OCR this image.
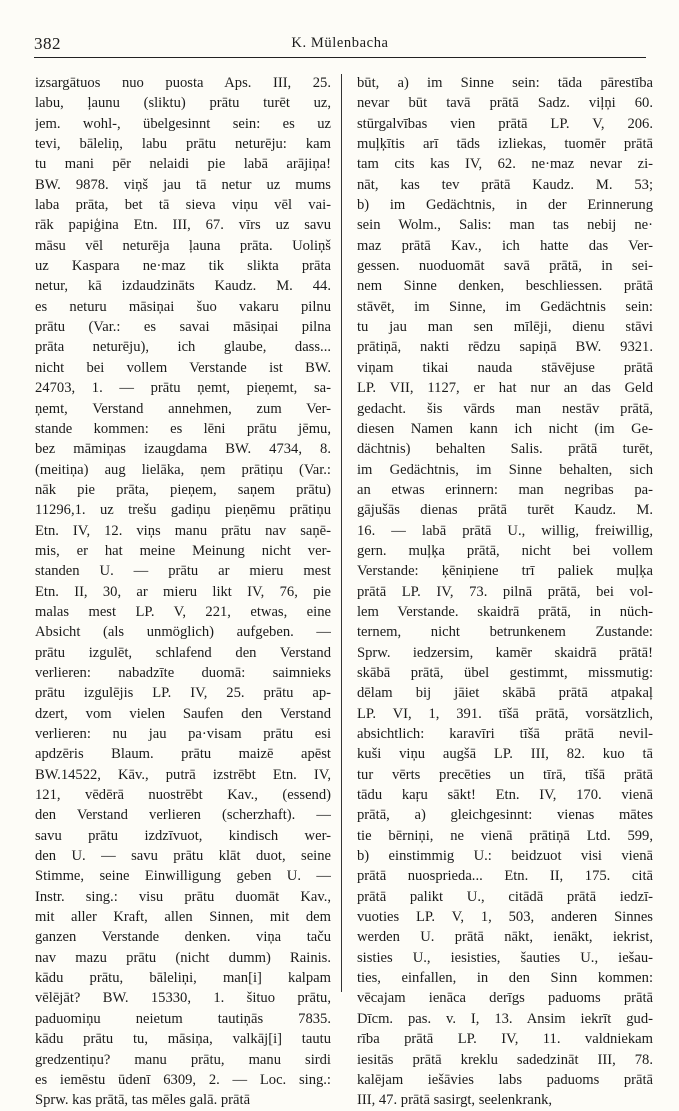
382	K. Mülenbacha
izsargātuos nuo puosta Aps. III, 25.
labu, ļaunu (sliktu) prātu turēt uz,
jem. wohl-, übelgesinnt sein: es uz
tevi, bāleliņ, labu prātu neturēju: kam
tu mani pēr nelaidi pie labā arājiņa!
BW. 9878. viņš jau tā netur uz mums
laba prāta, bet tā sieva viņu vēl vai-
rāk papiģina Etn. III, 67. vīrs uz savu
māsu vēl neturēja ļauna prāta. Uoliņš
uz Kaspara ne·maz tik slikta prāta
netur, kā izdaudzināts Kaudz. M. 44.
es neturu māsiņai šuo vakaru pilnu
prātu (Var.: es savai māsiņai pilna
prāta neturēju), ich glaube, dass...
nicht bei vollem Verstande ist BW.
24703, 1. — prātu ņemt, pieņemt, sa-
ņemt, Verstand annehmen, zum Ver-
stande kommen: es lēni prātu jēmu,
bez māmiņas izaugdama BW. 4734, 8.
(meitiņa) aug lielāka, ņem prātiņu (Var.:
nāk pie prāta, pieņem, saņem prātu)
11296,1. uz trešu gadiņu pieņēmu prātiņu
Etn. IV, 12. viņs manu prātu nav saņē-
mis, er hat meine Meinung nicht ver-
standen U. — prātu ar mieru mest
Etn. II, 30, ar mieru likt IV, 76, pie
malas mest LP. V, 221, etwas, eine
Absicht (als unmöglich) aufgeben. —
prātu izgulēt, schlafend den Verstand
verlieren: nabadzīte duomā: saimnieks
prātu izgulējis LP. IV, 25. prātu ap-
dzert, vom vielen Saufen den Verstand
verlieren: nu jau pa·visam prātu esi
apdzēris Blaum. prātu maizē apēst
BW.14522, Kāv., putrā izstrēbt Etn. IV,
121, vēdērā nuostrēbt Kav., (essend)
den Verstand verlieren (scherzhaft). —
savu prātu izdzīvuot, kindisch wer-
den U. — savu prātu klāt duot, seine
Stimme, seine Einwilligung geben U. —
Instr. sing.: visu prātu duomāt Kav.,
mit aller Kraft, allen Sinnen, mit dem
ganzen Verstande denken. viņa taču
nav mazu prātu (nicht dumm) Rainis.
kādu prātu, bāleliņi, man[i] kalpam
vēlējāt? BW. 15330, 1. šituo prātu,
paduomiņu neietum tautiņās 7835.
kādu prātu tu, māsiņa, valkāj[i] tautu
gredzentiņu? manu prātu, manu sirdi
es iemēstu ūdenī 6309, 2. — Loc. sing.:
Sprw. kas prātā, tas mēles galā. prātā
būt, a) im Sinne sein: tāda pārestība
nevar būt tavā prātā Sadz. viļņi 60.
stūrgalvības vien prātā LP. V, 206.
muļķītis arī tāds izliekas, tuomēr prātā
tam cits kas IV, 62. ne·maz nevar zi-
nāt, kas tev prātā Kaudz. M. 53;
b) im Gedächtnis, in der Erinnerung
sein Wolm., Salis: man tas nebij ne·
maz prātā Kav., ich hatte das Ver-
gessen. nuoduomāt savā prātā, in sei-
nem Sinne denken, beschliessen. prātā
stāvēt, im Sinne, im Gedächtnis sein:
tu jau man sen mīlēji, dienu stāvi
prātiņā, nakti rēdzu sapiņā BW. 9321.
viņam tikai nauda stāvējuse prātā
LP. VII, 1127, er hat nur an das Geld
gedacht. šis vārds man nestāv prātā,
diesen Namen kann ich nicht (im Ge-
dächtnis) behalten Salis. prātā turēt,
im Gedächtnis, im Sinne behalten, sich
an etwas erinnern: man negribas pa-
gājušās dienas prātā turēt Kaudz. M.
16. — labā prātā U., willig, freiwillig,
gern. muļķa prātā, nicht bei vollem
Verstande: ķēniņiene trī paliek muļķa
prātā LP. IV, 73. pilnā prātā, bei vol-
lem Verstande. skaidrā prātā, in nüch-
ternem, nicht betrunkenem Zustande:
Sprw. iedzersim, kamēr skaidrā prātā!
skābā prātā, übel gestimmt, missmutig:
dēlam bij jāiet skābā prātā atpakaļ
LP. VI, 1, 391. tīšā prātā, vorsätzlich,
absichtlich: karavīri tīšā prātā nevil-
kuši viņu augšā LP. III, 82. kuo tā
tur vērts precēties un tīrā, tīšā prātā
tādu kaŗu sākt! Etn. IV, 170. vienā
prātā, a) gleichgesinnt: vienas mātes
tie bērniņi, ne vienā prātiņā Ltd. 599,
b) einstimmig U.: beidzuot visi vienā
prātā nuosprieda... Etn. II, 175. citā
prātā palikt U., citādā prātā iedzī-
vuoties LP. V, 1, 503, anderen Sinnes
werden U. prātā nākt, ienākt, iekrist,
sisties U., iesisties, šauties U., iešau-
ties, einfallen, in den Sinn kommen:
vēcajam ienāca derīgs paduoms prātā
Dīcm. pas. v. I, 13. Ansim iekrīt gud-
rība prātā LP. IV, 11. valdniekam
iesitās prātā kreklu sadedzināt III, 78.
kalējam iešāvies labs paduoms prātā
III, 47. prātā sasirgt, seelenkrank,
